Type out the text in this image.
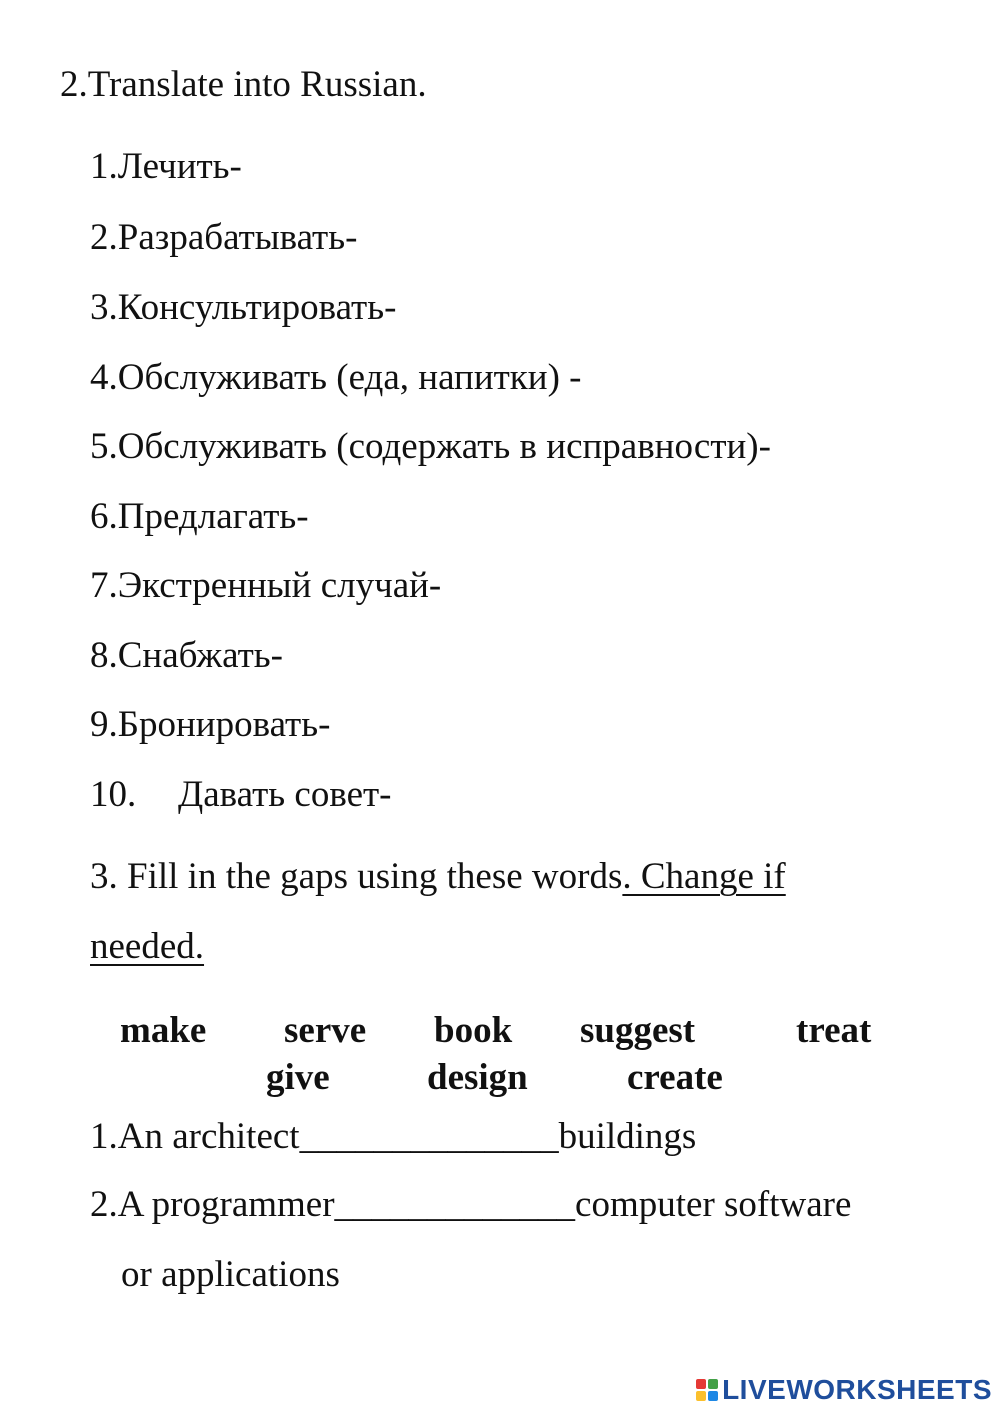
2.Translate into Russian.
1.Лечить-
2.Разрабатывать-
3.Консультировать-
4.Обслуживать (еда, напитки) -
5.Обслуживать (содержать в исправности)-
6.Предлагать-
7.Экстренный случай-
8.Снабжать-
9.Бронировать-
10. Давать совет-
3. Fill in the gaps using these words. Change if
needed.
make serve book suggest	treat
give	design	create
1.An architect______________buildings
2.A programmer_____________computer software
or applications
LIVEWORKSHEETS
